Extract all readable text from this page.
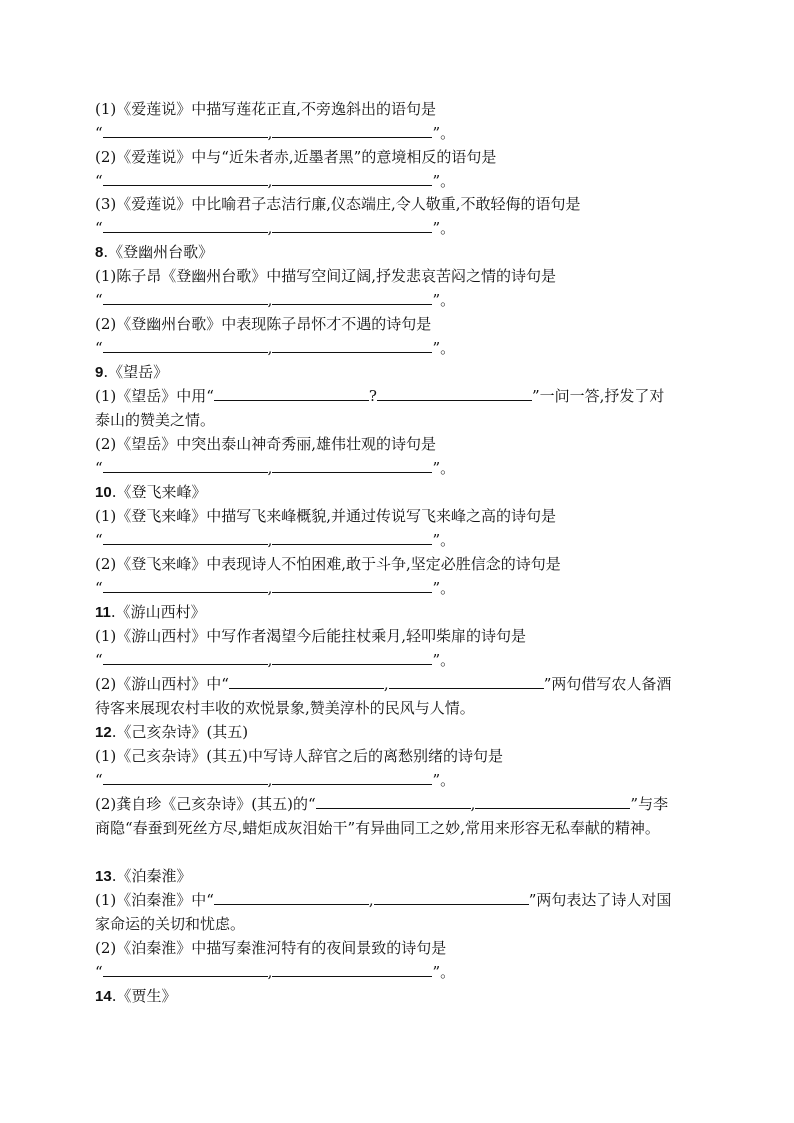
(1)《爱莲说》中描写莲花正直,不旁逸斜出的语句是
“	,	”。
(2)《爱莲说》中与“近朱者赤,近墨者黑”的意境相反的语句是
“	,	”。
(3)《爱莲说》中比喻君子志洁行廉,仪态端庄,令人敬重,不敢轻侮的语句是
“	,	”。
8.《登幽州台歌》
(1)陈子昂《登幽州台歌》中描写空间辽阔,抒发悲哀苦闷之情的诗句是
“	,	”。
(2)《登幽州台歌》中表现陈子昂怀才不遇的诗句是
“	,	”。
9.《望岳》
(1)《望岳》中用“	?	”一问一答,抒发了对
泰山的赞美之情。
(2)《望岳》中突出泰山神奇秀丽,雄伟壮观的诗句是
“	,	”。
10.《登飞来峰》
(1)《登飞来峰》中描写飞来峰概貌,并通过传说写飞来峰之高的诗句是
“	,	”。
(2)《登飞来峰》中表现诗人不怕困难,敢于斗争,坚定必胜信念的诗句是
“	,	”。
11.《游山西村》
(1)《游山西村》中写作者渴望今后能拄杖乘月,轻叩柴扉的诗句是
“	,	”。
(2)《游山西村》中“	,	”两句借写农人备酒
待客来展现农村丰收的欢悦景象,赞美淳朴的民风与人情。
12.《己亥杂诗》(其五)
(1)《己亥杂诗》(其五)中写诗人辞官之后的离愁别绪的诗句是
“	,	”。
(2)龚自珍《己亥杂诗》(其五)的“	,	”与李
商隐“春蚕到死丝方尽,蜡炬成灰泪始干”有异曲同工之妙,常用来形容无私奉献的精神。
13.《泊秦淮》
(1)《泊秦淮》中“	,	”两句表达了诗人对国
家命运的关切和忧虑。
(2)《泊秦淮》中描写秦淮河特有的夜间景致的诗句是
“	,	”。
14.《贾生》
